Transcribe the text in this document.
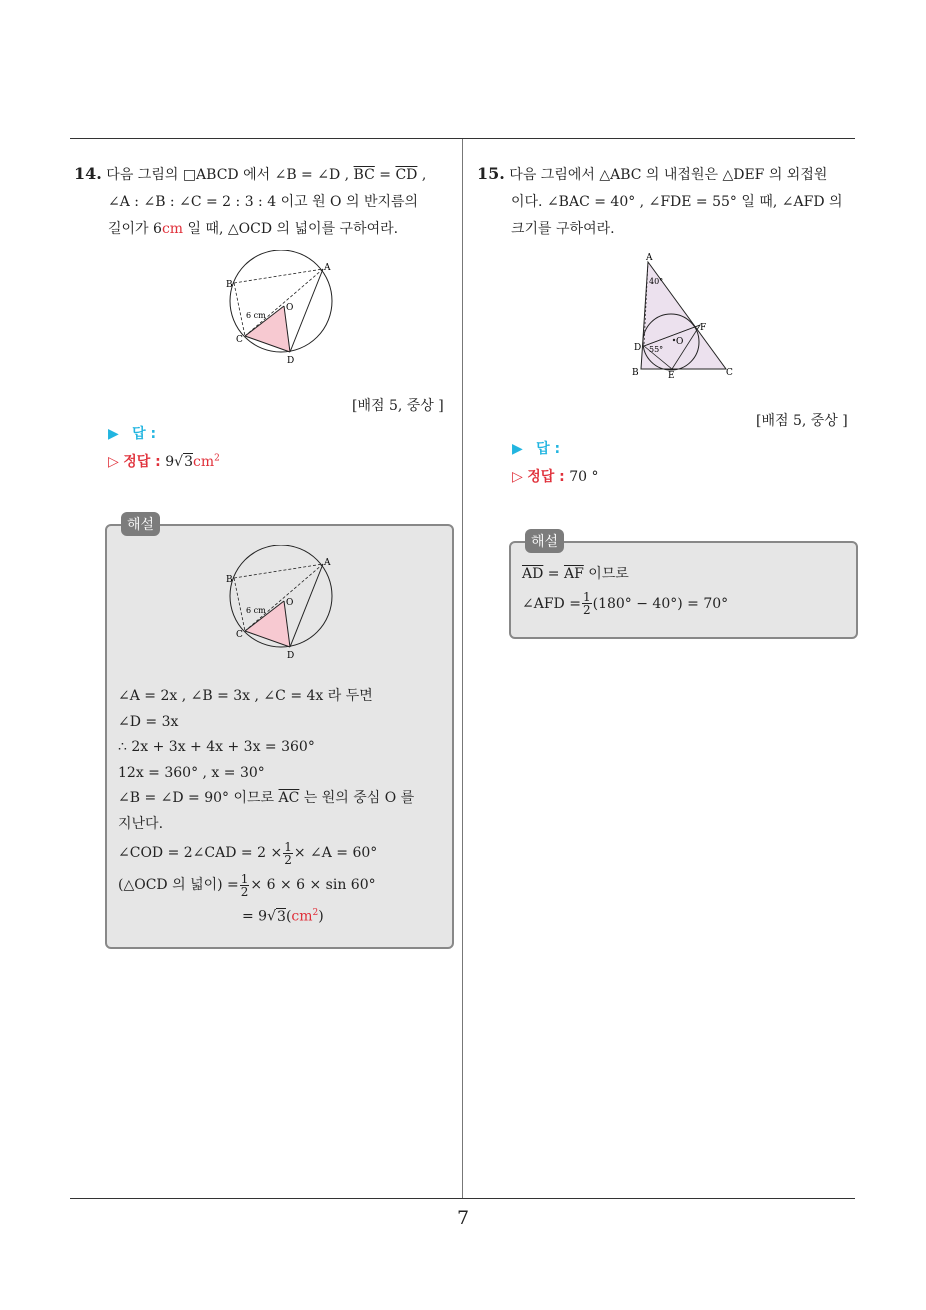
7
14. 다음 그림의 □ABCD 에서 ∠B = ∠D , $\overline{BC} = \overline{CD}$ ,
∠A : ∠B : ∠C = 2 : 3 : 4 이고 원 O 의 반지름의
길이가 6cm 일 때, △OCD 의 넓이를 구하여라.
A
B
C
D
O
6 cm
[배점 5, 중상 ]
▶ 답 :
▷ 정답 : $9√3cm^2$
해설
A
B
C
D
O
6 cm
∠A = 2x , ∠B = 3x , ∠C = 4x 라 두면
∠D = 3x
∴ 2x + 3x + 4x + 3x = 360°
12x = 360° , x = 30°
∠B = ∠D = 90° 이므로 $\overline{AC}$ 는 원의 중심 O 를
지난다.
∠COD = 2∠CAD = $2 \times \frac{1}{2}$ × ∠A = 60°
(△OCD 의 넓이) = $\frac{1}{2} \times 6 \times 6 \times \sin 60^\circ$
= $9√3(cm^2)$
15. 다음 그림에서 △ABC 의 내접원은 △DEF 의 외접원
이다. ∠BAC = 40° , ∠FDE = 55° 일 때, ∠AFD 의
크기를 구하여라.
A
B	C
D
E
F
O
40°
55°
[배점 5, 중상 ]
▶ 답 :
▷ 정답 : 70 °
해설
$\overline{AD} = \overline{AF}$ 이므로
∠AFD = $\frac{1}{2} (180^\circ - 40^\circ) = 70^\circ$
